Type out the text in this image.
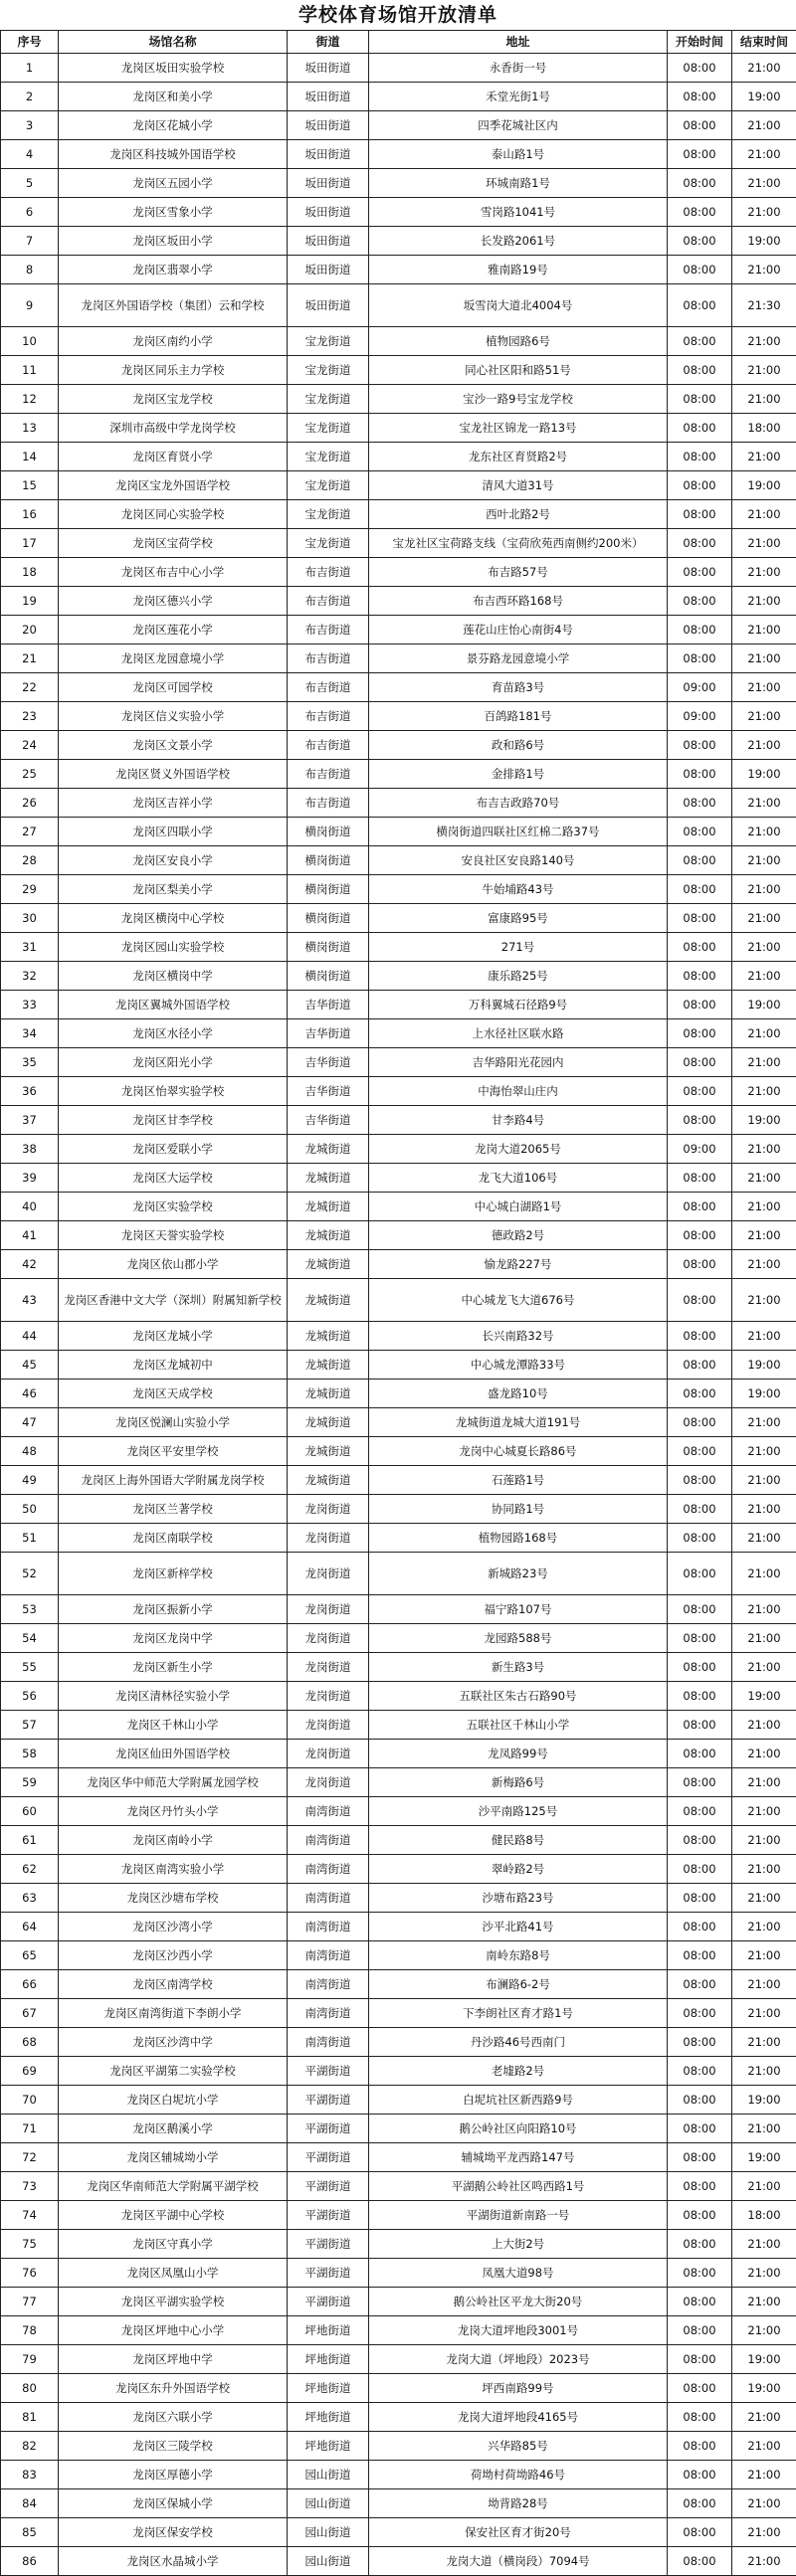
学校体育场馆开放清单
序号	场馆名称	街道	地址	开始时间	结束时间
1	龙岗区坂田实验学校	坂田街道	永香街一号	08:00	21:00
2	龙岗区和美小学	坂田街道	禾堂光街1号	08:00	19:00
3	龙岗区花城小学	坂田街道	四季花城社区内	08:00	21:00
4	龙岗区科技城外国语学校	坂田街道	泰山路1号	08:00	21:00
5	龙岗区五园小学	坂田街道	环城南路1号	08:00	21:00
6	龙岗区雪象小学	坂田街道	雪岗路1041号	08:00	21:00
7	龙岗区坂田小学	坂田街道	长发路2061号	08:00	19:00
8	龙岗区翡翠小学	坂田街道	雅南路19号	08:00	21:00
9	龙岗区外国语学校（集团）云和学校	坂田街道	坂雪岗大道北4004号	08:00	21:30
10	龙岗区南约小学	宝龙街道	植物园路6号	08:00	21:00
11	龙岗区同乐主力学校	宝龙街道	同心社区阳和路51号	08:00	21:00
12	龙岗区宝龙学校	宝龙街道	宝沙一路9号宝龙学校	08:00	21:00
13	深圳市高级中学龙岗学校	宝龙街道	宝龙社区锦龙一路13号	08:00	18:00
14	龙岗区育贤小学	宝龙街道	龙东社区育贤路2号	08:00	21:00
15	龙岗区宝龙外国语学校	宝龙街道	清风大道31号	08:00	19:00
16	龙岗区同心实验学校	宝龙街道	西叶北路2号	08:00	21:00
17	龙岗区宝荷学校	宝龙街道	宝龙社区宝荷路支线（宝荷欣苑西南侧约200米）	08:00	21:00
18	龙岗区布吉中心小学	布吉街道	布吉路57号	08:00	21:00
19	龙岗区德兴小学	布吉街道	布吉西环路168号	08:00	21:00
20	龙岗区莲花小学	布吉街道	莲花山庄怡心南街4号	08:00	21:00
21	龙岗区龙园意境小学	布吉街道	景芬路龙园意境小学	08:00	21:00
22	龙岗区可园学校	布吉街道	育苗路3号	09:00	21:00
23	龙岗区信义实验小学	布吉街道	百鸽路181号	09:00	21:00
24	龙岗区文景小学	布吉街道	政和路6号	08:00	21:00
25	龙岗区贤义外国语学校	布吉街道	金排路1号	08:00	19:00
26	龙岗区吉祥小学	布吉街道	布吉吉政路70号	08:00	21:00
27	龙岗区四联小学	横岗街道	横岗街道四联社区红棉二路37号	08:00	21:00
28	龙岗区安良小学	横岗街道	安良社区安良路140号	08:00	21:00
29	龙岗区梨美小学	横岗街道	牛始埔路43号	08:00	21:00
30	龙岗区横岗中心学校	横岗街道	富康路95号	08:00	21:00
31	龙岗区园山实验学校	横岗街道	271号	08:00	21:00
32	龙岗区横岗中学	横岗街道	康乐路25号	08:00	21:00
33	龙岗区翼城外国语学校	吉华街道	万科翼城石径路9号	08:00	19:00
34	龙岗区水径小学	吉华街道	上水径社区联水路	08:00	21:00
35	龙岗区阳光小学	吉华街道	吉华路阳光花园内	08:00	21:00
36	龙岗区怡翠实验学校	吉华街道	中海怡翠山庄内	08:00	21:00
37	龙岗区甘李学校	吉华街道	甘李路4号	08:00	19:00
38	龙岗区爱联小学	龙城街道	龙岗大道2065号	09:00	21:00
39	龙岗区大运学校	龙城街道	龙飞大道106号	08:00	21:00
40	龙岗区实验学校	龙城街道	中心城白湖路1号	08:00	21:00
41	龙岗区天誉实验学校	龙城街道	德政路2号	08:00	21:00
42	龙岗区依山郡小学	龙城街道	愉龙路227号	08:00	21:00
43	龙岗区香港中文大学（深圳）附属知新学校	龙城街道	中心城龙飞大道676号	08:00	21:00
44	龙岗区龙城小学	龙城街道	长兴南路32号	08:00	21:00
45	龙岗区龙城初中	龙城街道	中心城龙潭路33号	08:00	19:00
46	龙岗区天成学校	龙城街道	盛龙路10号	08:00	19:00
47	龙岗区悦澜山实验小学	龙城街道	龙城街道龙城大道191号	08:00	21:00
48	龙岗区平安里学校	龙城街道	龙岗中心城夏长路86号	08:00	21:00
49	龙岗区上海外国语大学附属龙岗学校	龙城街道	石莲路1号	08:00	21:00
50	龙岗区兰著学校	龙岗街道	协同路1号	08:00	21:00
51	龙岗区南联学校	龙岗街道	植物园路168号	08:00	21:00
52	龙岗区新梓学校	龙岗街道	新城路23号	08:00	21:00
53	龙岗区振新小学	龙岗街道	福宁路107号	08:00	21:00
54	龙岗区龙岗中学	龙岗街道	龙园路588号	08:00	21:00
55	龙岗区新生小学	龙岗街道	新生路3号	08:00	21:00
56	龙岗区清林径实验小学	龙岗街道	五联社区朱古石路90号	08:00	19:00
57	龙岗区千林山小学	龙岗街道	五联社区千林山小学	08:00	21:00
58	龙岗区仙田外国语学校	龙岗街道	龙凤路99号	08:00	21:00
59	龙岗区华中师范大学附属龙园学校	龙岗街道	新梅路6号	08:00	21:00
60	龙岗区丹竹头小学	南湾街道	沙平南路125号	08:00	21:00
61	龙岗区南岭小学	南湾街道	健民路8号	08:00	21:00
62	龙岗区南湾实验小学	南湾街道	翠岭路2号	08:00	21:00
63	龙岗区沙塘布学校	南湾街道	沙塘布路23号	08:00	21:00
64	龙岗区沙湾小学	南湾街道	沙平北路41号	08:00	21:00
65	龙岗区沙西小学	南湾街道	南岭东路8号	08:00	21:00
66	龙岗区南湾学校	南湾街道	布澜路6-2号	08:00	21:00
67	龙岗区南湾街道下李朗小学	南湾街道	下李朗社区育才路1号	08:00	21:00
68	龙岗区沙湾中学	南湾街道	丹沙路46号西南门	08:00	21:00
69	龙岗区平湖第二实验学校	平湖街道	老墟路2号	08:00	21:00
70	龙岗区白坭坑小学	平湖街道	白坭坑社区新西路9号	08:00	19:00
71	龙岗区鹅溪小学	平湖街道	鹅公岭社区向阳路10号	08:00	21:00
72	龙岗区辅城坳小学	平湖街道	辅城坳平龙西路147号	08:00	19:00
73	龙岗区华南师范大学附属平湖学校	平湖街道	平湖鹅公岭社区鸣西路1号	08:00	21:00
74	龙岗区平湖中心学校	平湖街道	平湖街道新南路一号	08:00	18:00
75	龙岗区守真小学	平湖街道	上大街2号	08:00	21:00
76	龙岗区凤凰山小学	平湖街道	凤凰大道98号	08:00	21:00
77	龙岗区平湖实验学校	平湖街道	鹅公岭社区平龙大街20号	08:00	21:00
78	龙岗区坪地中心小学	坪地街道	龙岗大道坪地段3001号	08:00	21:00
79	龙岗区坪地中学	坪地街道	龙岗大道（坪地段）2023号	08:00	19:00
80	龙岗区东升外国语学校	坪地街道	坪西南路99号	08:00	19:00
81	龙岗区六联小学	坪地街道	龙岗大道坪地段4165号	08:00	21:00
82	龙岗区三陵学校	坪地街道	兴华路85号	08:00	21:00
83	龙岗区厚德小学	园山街道	荷坳村荷坳路46号	08:00	21:00
84	龙岗区保城小学	园山街道	坳背路28号	08:00	21:00
85	龙岗区保安学校	园山街道	保安社区育才街20号	08:00	21:00
86	龙岗区水晶城小学	园山街道	龙岗大道（横岗段）7094号	08:00	21:00
